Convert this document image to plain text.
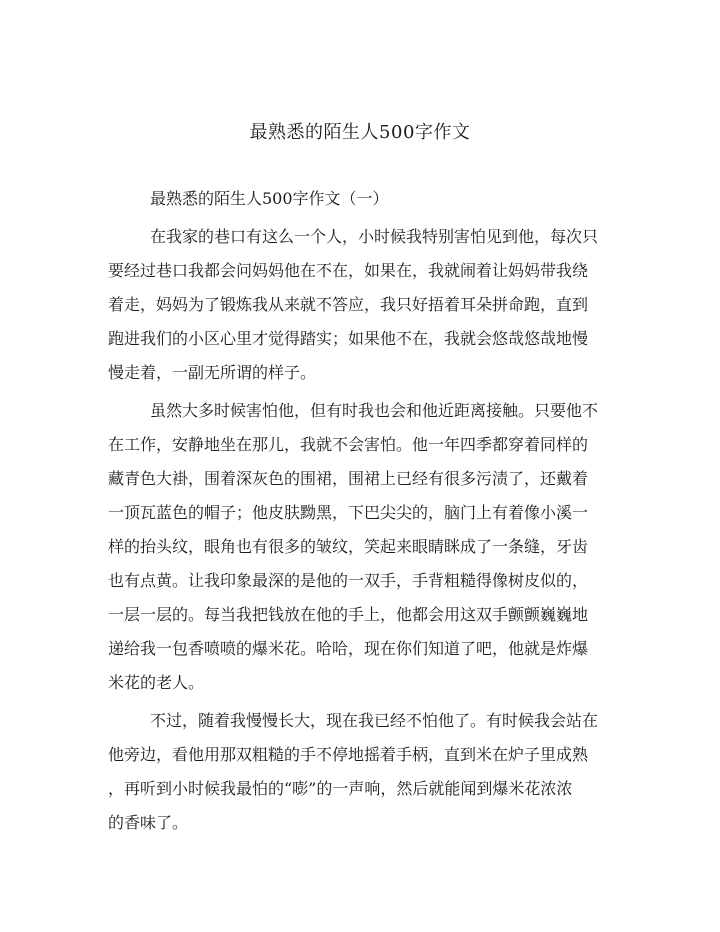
最熟悉的陌生人500字作文
最熟悉的陌生人500字作文（一）
在我家的巷口有这么一个人，小时候我特别害怕见到他，每次只
要经过巷口我都会问妈妈他在不在，如果在，我就闹着让妈妈带我绕
着走，妈妈为了锻炼我从来就不答应，我只好捂着耳朵拼命跑，直到
跑进我们的小区心里才觉得踏实；如果他不在，我就会悠哉悠哉地慢
慢走着，一副无所谓的样子。
虽然大多时候害怕他，但有时我也会和他近距离接触。只要他不
在工作，安静地坐在那儿，我就不会害怕。他一年四季都穿着同样的
藏青色大褂，围着深灰色的围裙，围裙上已经有很多污渍了，还戴着
一顶瓦蓝色的帽子；他皮肤黝黑，下巴尖尖的，脑门上有着像小溪一
样的抬头纹，眼角也有很多的皱纹，笑起来眼睛眯成了一条缝，牙齿
也有点黄。让我印象最深的是他的一双手，手背粗糙得像树皮似的，
一层一层的。每当我把钱放在他的手上，他都会用这双手颤颤巍巍地
递给我一包香喷喷的爆米花。哈哈，现在你们知道了吧，他就是炸爆
米花的老人。
不过，随着我慢慢长大，现在我已经不怕他了。有时候我会站在
他旁边，看他用那双粗糙的手不停地摇着手柄，直到米在炉子里成熟
，再听到小时候我最怕的“嘭”的一声响，然后就能闻到爆米花浓浓
的香味了。
